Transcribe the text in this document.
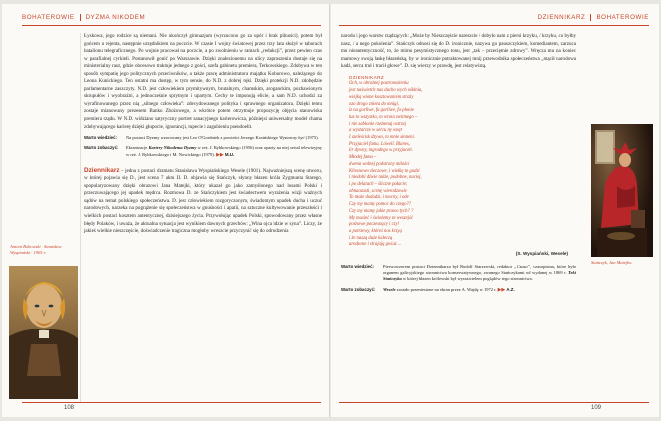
BOHATEROWIE DYZMA NIKODEM

Łyskowa, jego rodzice są niemani. Nie ukończył gimnazjum (wyrzucono go za upór i brak pilności), potem był gońcem u rejenta, następnie urzędnikiem na poczcie. W czasie I wojny światowej przez trzy lata służył w taborach batalionu telegraficznego. Po wojnie pracował na poczcie, a po zwolnieniu w ramach „redukcji”, przez pewien czas w parafialnej cyrkieli. Postanowił gonić po Warszawie. Dzięki znalezionemu na ulicy zaproszeniu dostaje się na ministerialny raut, gdzie obcesowo traktuje jednego z gości, szefa gabinetu premiera, Terkowskiego. Zdobywa w ten sposób sympatię jego politycznych przeciwników, a także pracę administratora majątku Koborowo, należącego do Leona Kunickiego. Ten ostatni ma dostęp, w tym sensie, do N.D. z dobrej ręki. Dzięki protekcji N.D. zdobędzie parlamentarne zaszczyty. N.D. jest człowiekiem prymitywnym, brutalnym, chamskim, aroganckim, pozbawionym skrupułów i wyobraźni, a jednocześnie sprytnym i upartym. Cechy te imponują elicie, a sam N.D. uchodzi za wyrafinowanego przez nią „silnego człowieka”: zdecydowanego polityka i sprawnego organizatora. Dzięki temu zostaje mianowany prezesem Banku Zbożowego, a wkrótce potem otrzymuje propozycję objęcia stanowiska premiera rządu. W N.D. widziano satyryczny portret sanacyjnego karierowicza, późniejsi uniwersalny model chama zdobywającego karierę dzięki głupocie, ignorancji, tupecie i zagubieniu pseudoelit.

Warto wiedzieć:	Na postaci Dyzmy wzorowany jest Leo O'Gordniek z powieści Jerzego Kosińskiego Wystarczy być (1975).
Warto zobaczyć:	Ekranizacje Kariery Nikodema Dyzmy w reż. J. Rybkowskiego (1956) oraz oparty na niej serial telewizyjny w reż. J. Rybkowskiego i M. Nowickiego (1979). ▶▶ M.U.

Dziennikarz – jedna z postaci dramatu Stanisława Wyspiańskiego Wesele (1901). Najważniejszą scenę utworu, w której pojawia się D., jest scena 7 aktu II. D. objawia się Stańczyk, słynny błazen króla Zygmunta Starego, spopularyzowany dzięki obrazowi Jana Matejki, który ukazał go jako zamyślonego nad losami Polski i przeczuwającego jej upadek mędrca. Rozmowa D. ze Stańczykiem jest świadectwem wyrażenia wizji ważnych sądów na temat polskiego społeczeństwa. D. jest człowiekiem rozgoryczonym, świadomym upadek ducha i uczuć narodowych, narzeka na pogrążenie się społeczeństwa w gnuśności i apatii, na sztuczne kultywowanie przeszłości i wielkich postaci kosztem autentycznej, dzisiejszego życia. Przywołując upadek Polski, spowodowany przez własne błędy Polaków, i uważa, że aktualna sytuacja jest wynikiem dawnych grzechów: „Wina ojca idzie w syna”. Liczy, że jakieś wielkie nieszczęście, doświadczenie tragiczna mogłoby wreszcie przyczynić się do odrodzenia

Antoni Bobowski · Stanisław Wyspiański · 1905 r.
108
DZIENNIKARZ BOHATEROWIE

narodu i jego warstw rządzących: „Może by Nieszczęście nareszcie / dobyło nam z piersi krzyku, / krzyku, co byłby nasz, / a nego pokolenia”. Stańczyk odnosi się do D. ironicznie, nazywa go pauszczykiem, komediantem, zarzuca mu nieautentyczność, to, że mimo pesymistycznego tonu, jest „tak – przeciętnie zdrowy”. Wręcza mu na koniec mamowy swoją laskę błazeńską, by w ironicznie potraktowanej mnij przewodnika społeczeństwa „mącił narodowa kadź, sercа truł i tracił głowe”. D. się wierzy w prawdę, jest relatywistą.

DZIENNIKARZ
Och, w obrożnej postronozieniu
jest naświetch nas ducho wych ośklnia,
wiejką wione kosztowaniem straży
ozo drogo znieta do mnigi,
iz na gorliwe, fa gorliwe, fa płonie
tuz to wszystko, to wrota zwitmego –
i nie zabłonie rzeżmnaj ostrzej
a wystarcze w sercu ny wnęt
I szeleścisk dzywo, to mnie słoneni.
Przyjaciel fama. Lówell. Blanes,
lir dywny, ingradego w przyjaceń.
Młodej fama –
dwena wolnej podstrony miłości
Kliesnowo zieczowe, i wielkę to godzi
i niedobi dźwie także, podobne, nuciej,
i po delatach – śliczne pałacie;
obnaozasti, scenę wierodzowie
To może dodadzi, i mocny, i ode
Czy my mamy pomoc do czego??
Czy my mamy jakie prawo tych? ?
My musieć i świeżemy ze weszejść
pośnowe poczesnący i czy!
a potrzewy, któreś nos krzyą
i że naszą duże kaleczą
urodzone i strajają gwiaz ...
(S. Wyspiański, Wesele)
Warto wiedzieć:	Pierwowzorem postaci Dziennikarza był Rudolf Starzewski, redaktor „Czasu”, czasopisma, które było organem galicyjskiego stronnictwa konserwatywnego, zwanego Stańczykami od wydanej w 1869 r. Teki Stańczyka w której błazen królewski był wyrazicielem poglądów tego stronnictwa.
Warto zobaczyć:	Wesele zostało przeniesione na ekran przez A. Wajdę w 1972 r. ▶▶ A.Z.
Stańczyk, Jan Matejko.
109
